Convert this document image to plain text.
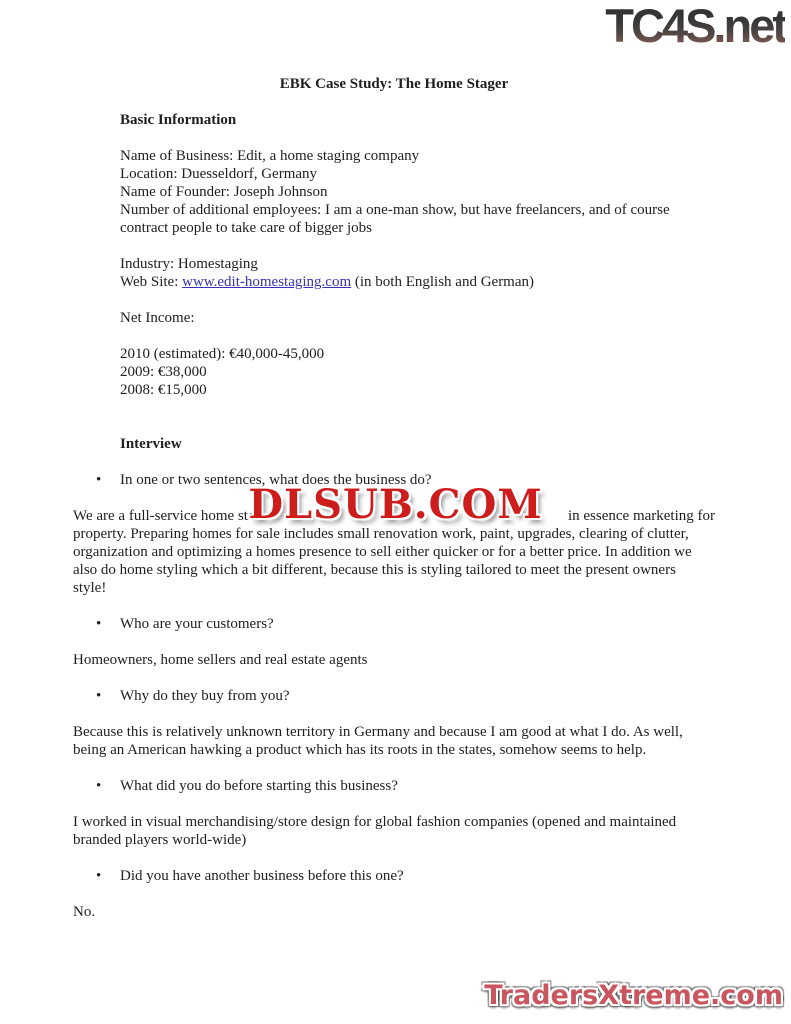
TC4S.net
EBK Case Study: The Home Stager
Basic Information
Name of Business: Edit, a home staging company
Location: Duesseldorf, Germany
Name of Founder: Joseph Johnson
Number of additional employees: I am a one-man show, but have freelancers, and of course
contract people to take care of bigger jobs
Industry: Homestaging
Web Site: www.edit-homestaging.com (in both English and German)
Net Income:
2010 (estimated): €40,000-45,000
2009: €38,000
2008: €15,000
Interview
• In one or two sentences, what does the business do?
We are a full-service home sta	in essence marketing for
property. Preparing homes for sale includes small renovation work, paint, upgrades, clearing of clutter,
organization and optimizing a homes presence to sell either quicker or for a better price. In addition we
also do home styling which a bit different, because this is styling tailored to meet the present owners
style!
• Who are your customers?
Homeowners, home sellers and real estate agents
• Why do they buy from you?
Because this is relatively unknown territory in Germany and because I am good at what I do. As well,
being an American hawking a product which has its roots in the states, somehow seems to help.
• What did you do before starting this business?
I worked in visual merchandising/store design for global fashion companies (opened and maintained
branded players world-wide)
• Did you have another business before this one?
No.
DLSUB.COM
TradersXtreme.com
